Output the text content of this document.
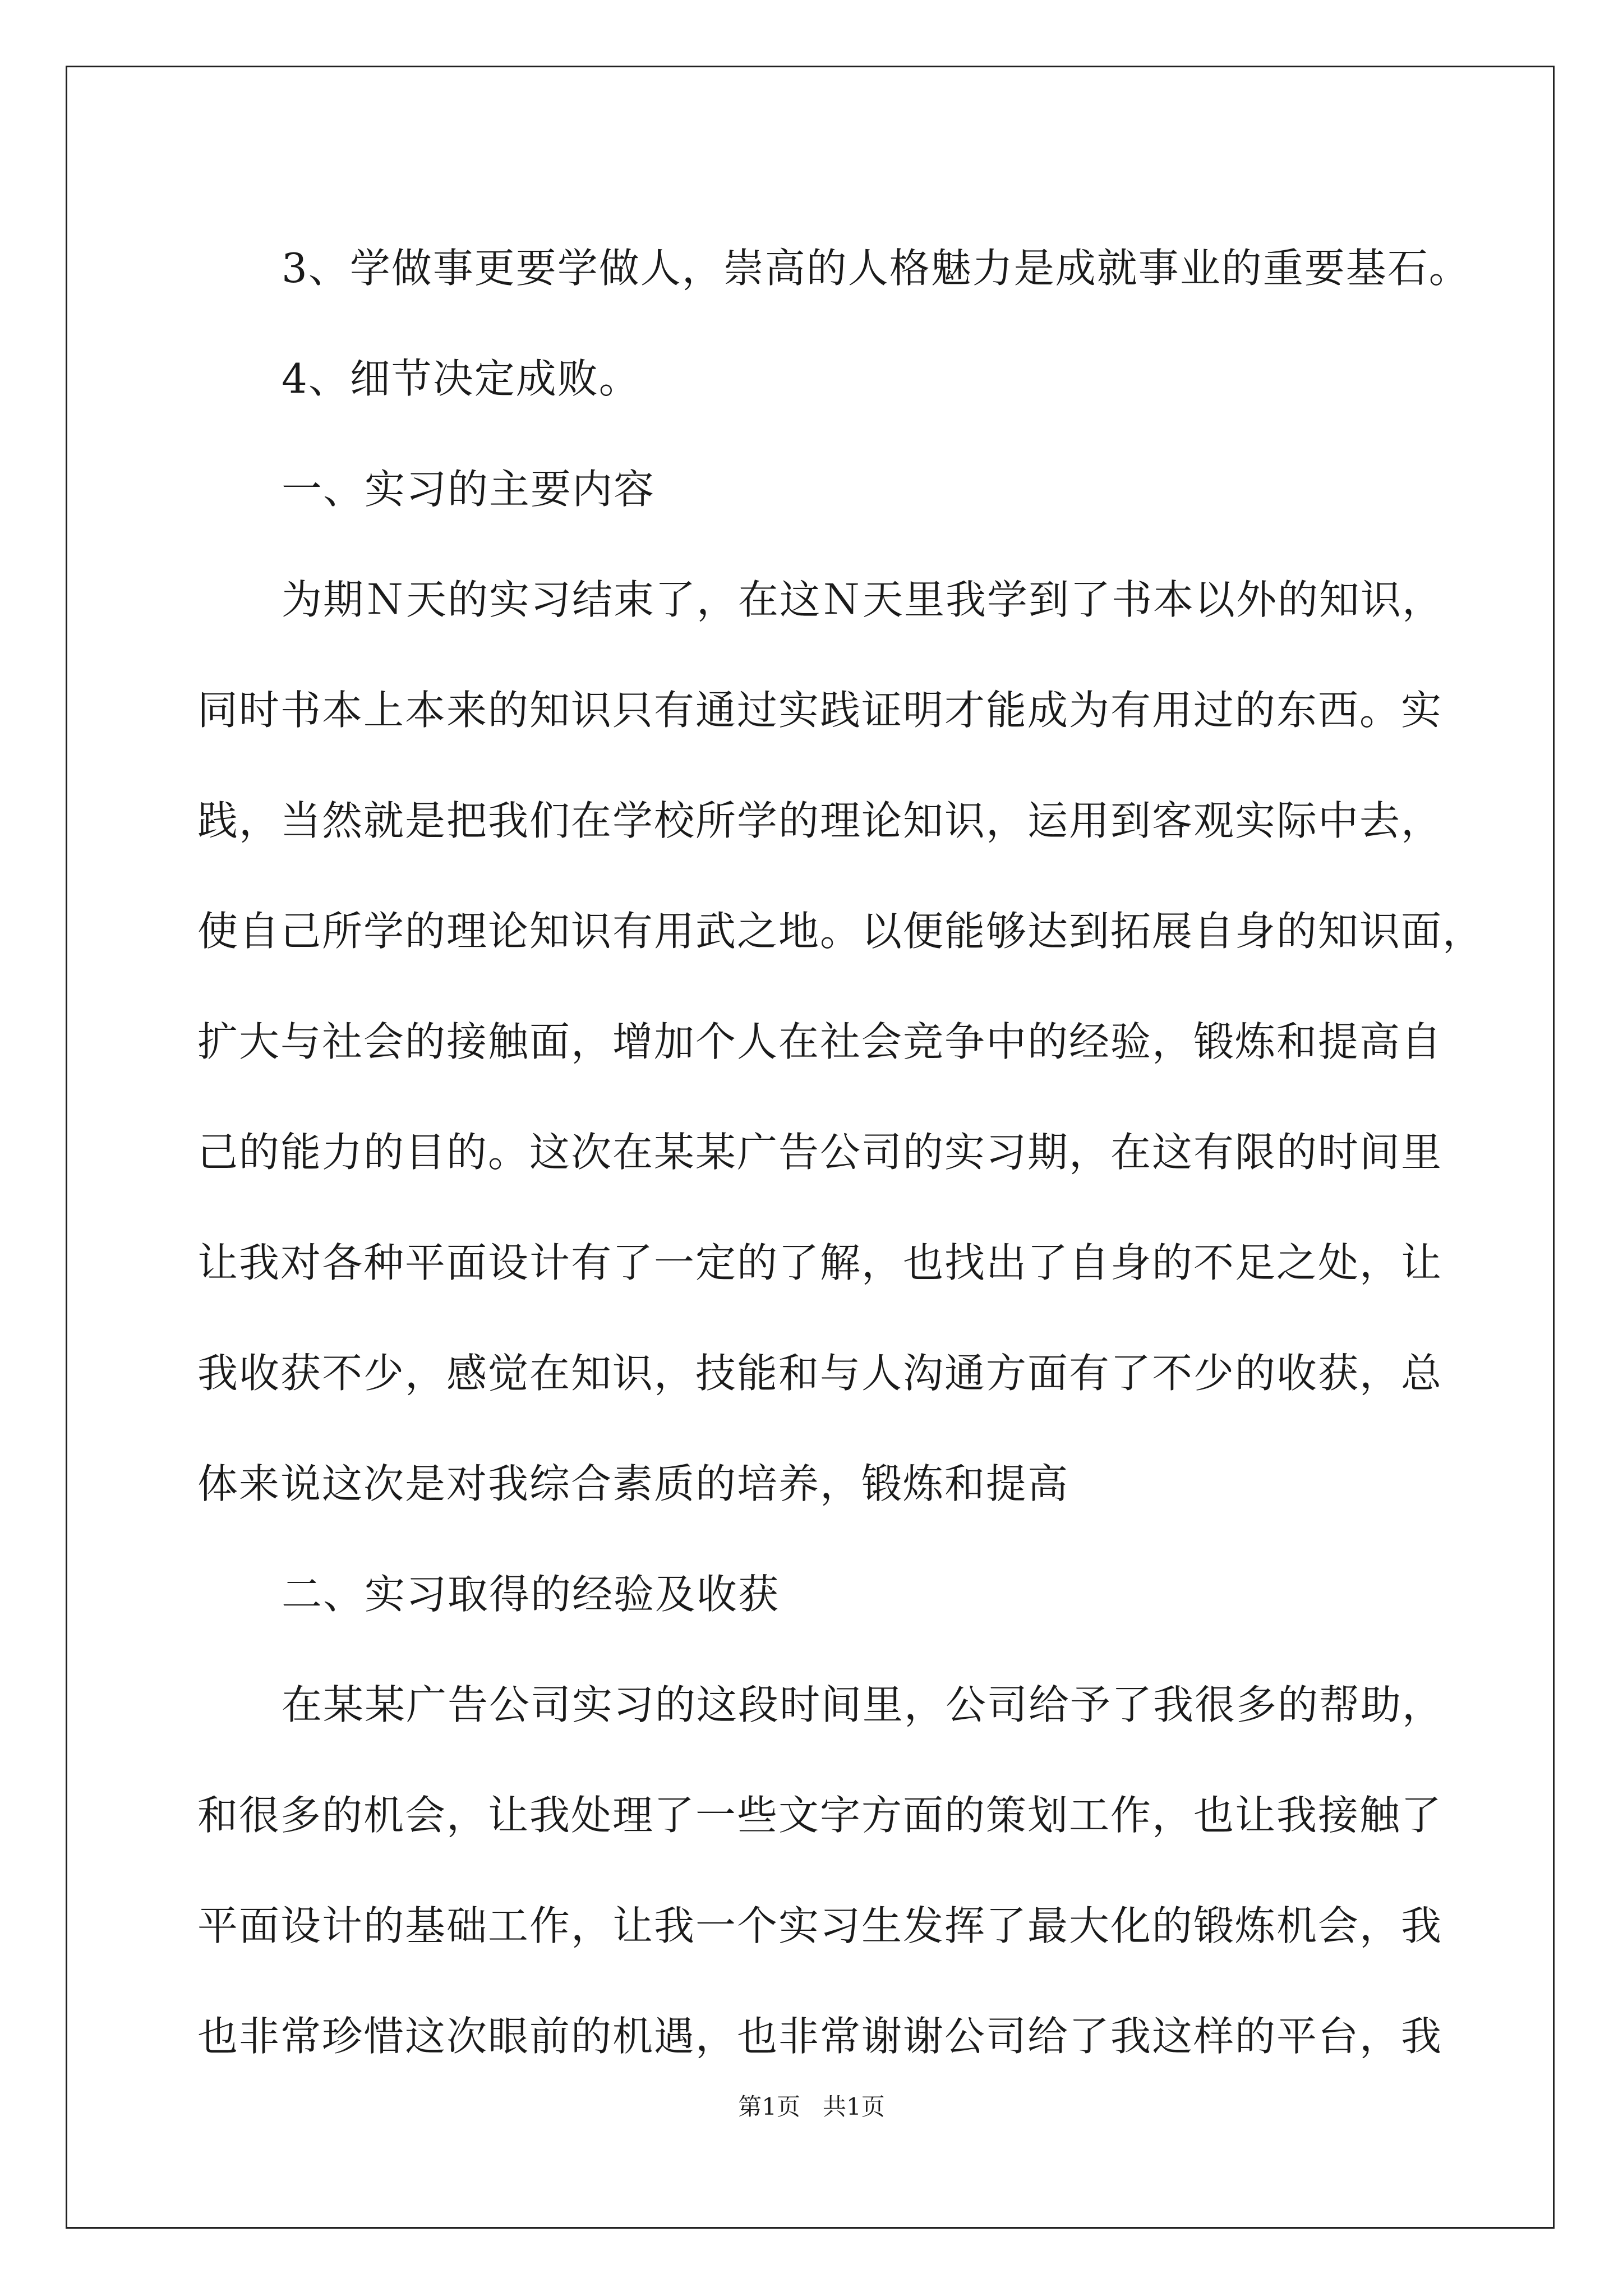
3、学做事更要学做人，崇高的人格魅力是成就事业的重要基石。
4、细节决定成败。
一、实习的主要内容
为期Ｎ天的实习结束了，在这Ｎ天里我学到了书本以外的知识，
同时书本上本来的知识只有通过实践证明才能成为有用过的东西。实
践，当然就是把我们在学校所学的理论知识，运用到客观实际中去，
使自己所学的理论知识有用武之地。以便能够达到拓展自身的知识面，
扩大与社会的接触面，增加个人在社会竞争中的经验，锻炼和提高自
己的能力的目的。这次在某某广告公司的实习期，在这有限的时间里
让我对各种平面设计有了一定的了解，也找出了自身的不足之处，让
我收获不少，感觉在知识，技能和与人沟通方面有了不少的收获，总
体来说这次是对我综合素质的培养，锻炼和提高
二、实习取得的经验及收获
在某某广告公司实习的这段时间里，公司给予了我很多的帮助，
和很多的机会，让我处理了一些文字方面的策划工作，也让我接触了
平面设计的基础工作，让我一个实习生发挥了最大化的锻炼机会，我
也非常珍惜这次眼前的机遇，也非常谢谢公司给了我这样的平台，我
第1页   共1页
